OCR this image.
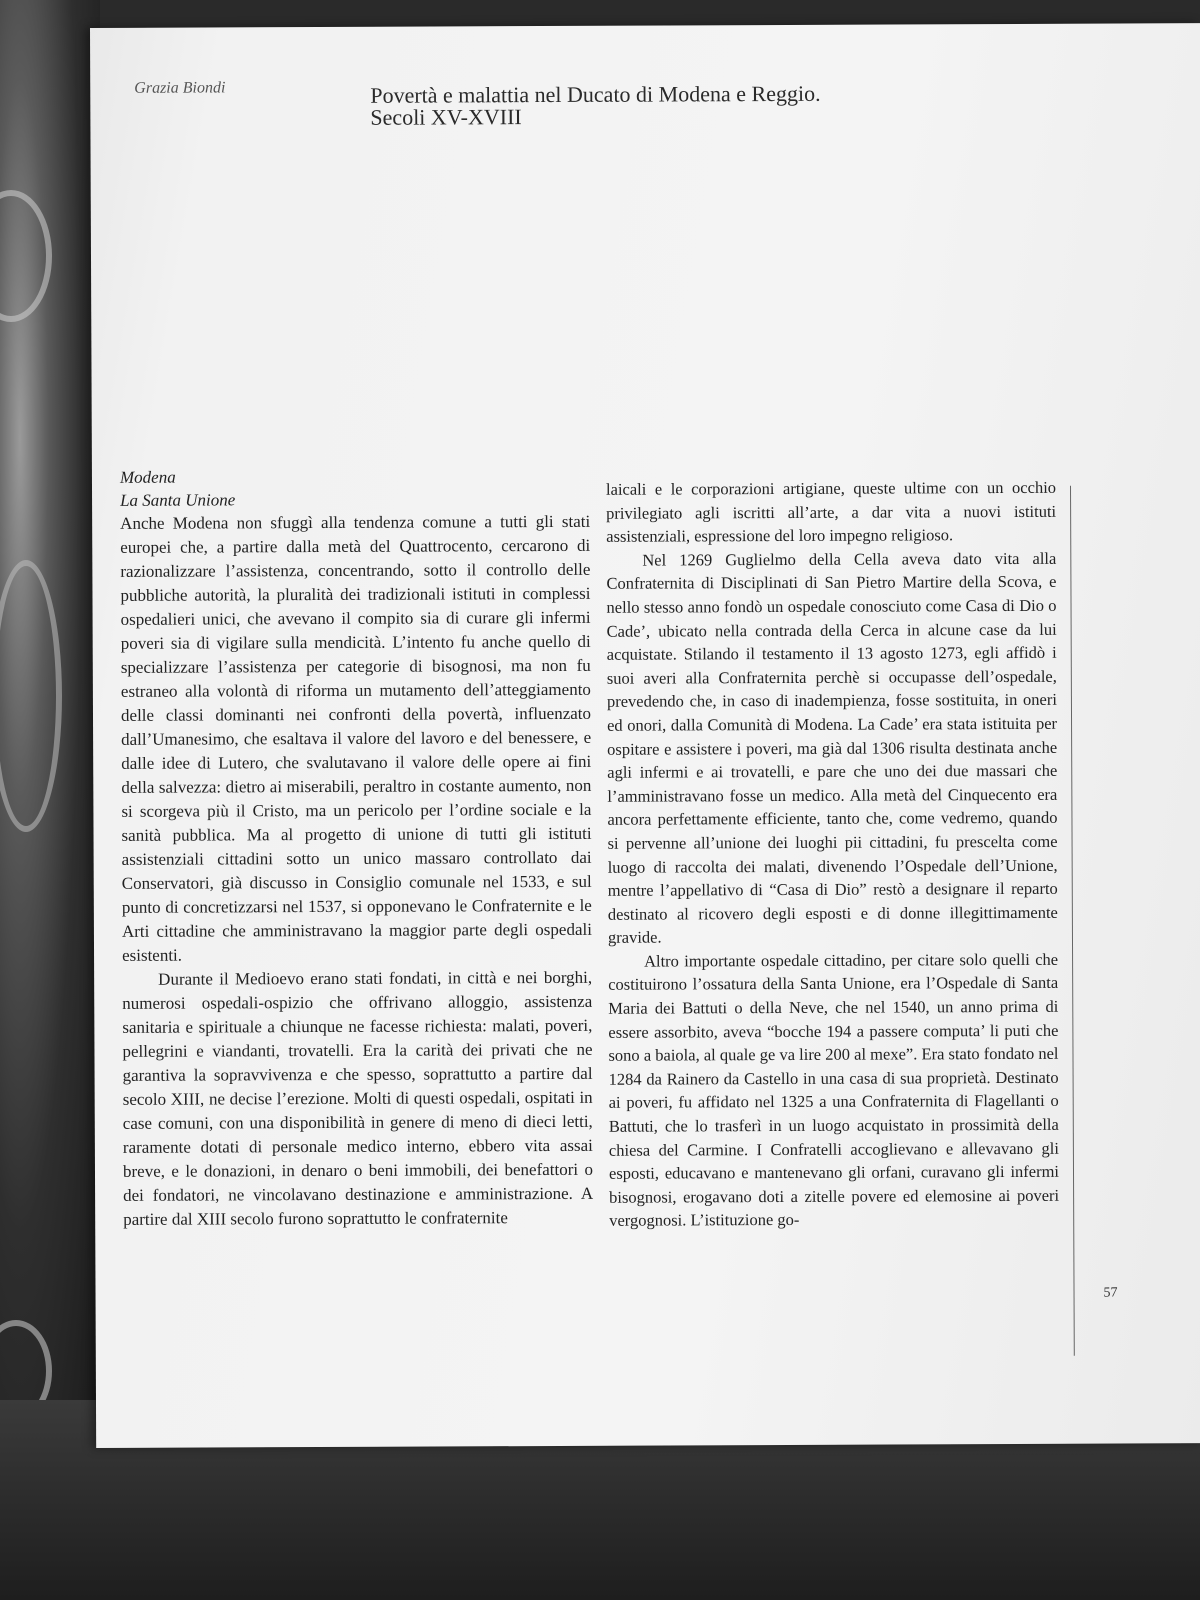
Grazia Biondi	Povertà e malattia nel Ducato di Modena e Reggio.
Secoli XV-XVIII
Modena
La Santa Unione

Anche Modena non sfuggì alla tendenza comune a tutti gli stati europei che, a partire dalla metà del Quattrocento, cercarono di razionalizzare l’assistenza, concentrando, sotto il controllo delle pubbliche autorità, la pluralità dei tradizionali istituti in complessi ospedalieri unici, che avevano il compito sia di curare gli infermi poveri sia di vigilare sulla mendicità. L’intento fu anche quello di specializzare l’assistenza per categorie di bisognosi, ma non fu estraneo alla volontà di riforma un mutamento dell’atteggiamento delle classi dominanti nei confronti della povertà, influenzato dall’Umanesimo, che esaltava il valore del lavoro e del benessere, e dalle idee di Lutero, che svalutavano il valore delle opere ai fini della salvezza: dietro ai miserabili, peraltro in costante aumento, non si scorgeva più il Cristo, ma un pericolo per l’ordine sociale e la sanità pubblica. Ma al progetto di unione di tutti gli istituti assistenziali cittadini sotto un unico massaro controllato dai Conservatori, già discusso in Consiglio comunale nel 1533, e sul punto di concretizzarsi nel 1537, si opponevano le Confraternite e le Arti cittadine che amministravano la maggior parte degli ospedali esistenti.

Durante il Medioevo erano stati fondati, in città e nei borghi, numerosi ospedali-ospizio che offrivano alloggio, assistenza sanitaria e spirituale a chiunque ne facesse richiesta: malati, poveri, pellegrini e viandanti, trovatelli. Era la carità dei privati che ne garantiva la sopravvivenza e che spesso, soprattutto a partire dal secolo XIII, ne decise l’erezione. Molti di questi ospedali, ospitati in case comuni, con una disponibilità in genere di meno di dieci letti, raramente dotati di personale medico interno, ebbero vita assai breve, e le donazioni, in denaro o beni immobili, dei benefattori o dei fondatori, ne vincolavano destinazione e amministrazione. A partire dal XIII secolo furono soprattutto le confraternite

laicali e le corporazioni artigiane, queste ultime con un occhio privilegiato agli iscritti all’arte, a dar vita a nuovi istituti assistenziali, espressione del loro impegno religioso.

Nel 1269 Guglielmo della Cella aveva dato vita alla Confraternita di Disciplinati di San Pietro Martire della Scova, e nello stesso anno fondò un ospedale conosciuto come Casa di Dio o Cade’, ubicato nella contrada della Cerca in alcune case da lui acquistate. Stilando il testamento il 13 agosto 1273, egli affidò i suoi averi alla Confraternita perchè si occupasse dell’ospedale, prevedendo che, in caso di inadempienza, fosse sostituita, in oneri ed onori, dalla Comunità di Modena. La Cade’ era stata istituita per ospitare e assistere i poveri, ma già dal 1306 risulta destinata anche agli infermi e ai trovatelli, e pare che uno dei due massari che l’amministravano fosse un medico. Alla metà del Cinquecento era ancora perfettamente efficiente, tanto che, come vedremo, quando si pervenne all’unione dei luoghi pii cittadini, fu prescelta come luogo di raccolta dei malati, divenendo l’Ospedale dell’Unione, mentre l’appellativo di “Casa di Dio” restò a designare il reparto destinato al ricovero degli esposti e di donne illegittimamente gravide.

Altro importante ospedale cittadino, per citare solo quelli che costituirono l’ossatura della Santa Unione, era l’Ospedale di Santa Maria dei Battuti o della Neve, che nel 1540, un anno prima di essere assorbito, aveva “bocche 194 a passere computa’ li puti che sono a baiola, al quale ge va lire 200 al mexe”. Era stato fondato nel 1284 da Rainero da Castello in una casa di sua proprietà. Destinato ai poveri, fu affidato nel 1325 a una Confraternita di Flagellanti o Battuti, che lo trasferì in un luogo acquistato in prossimità della chiesa del Carmine. I Confratelli accoglievano e allevavano gli esposti, educavano e mantenevano gli orfani, curavano gli infermi bisognosi, erogavano doti a zitelle povere ed elemosine ai poveri vergognosi. L’istituzione go-

57
